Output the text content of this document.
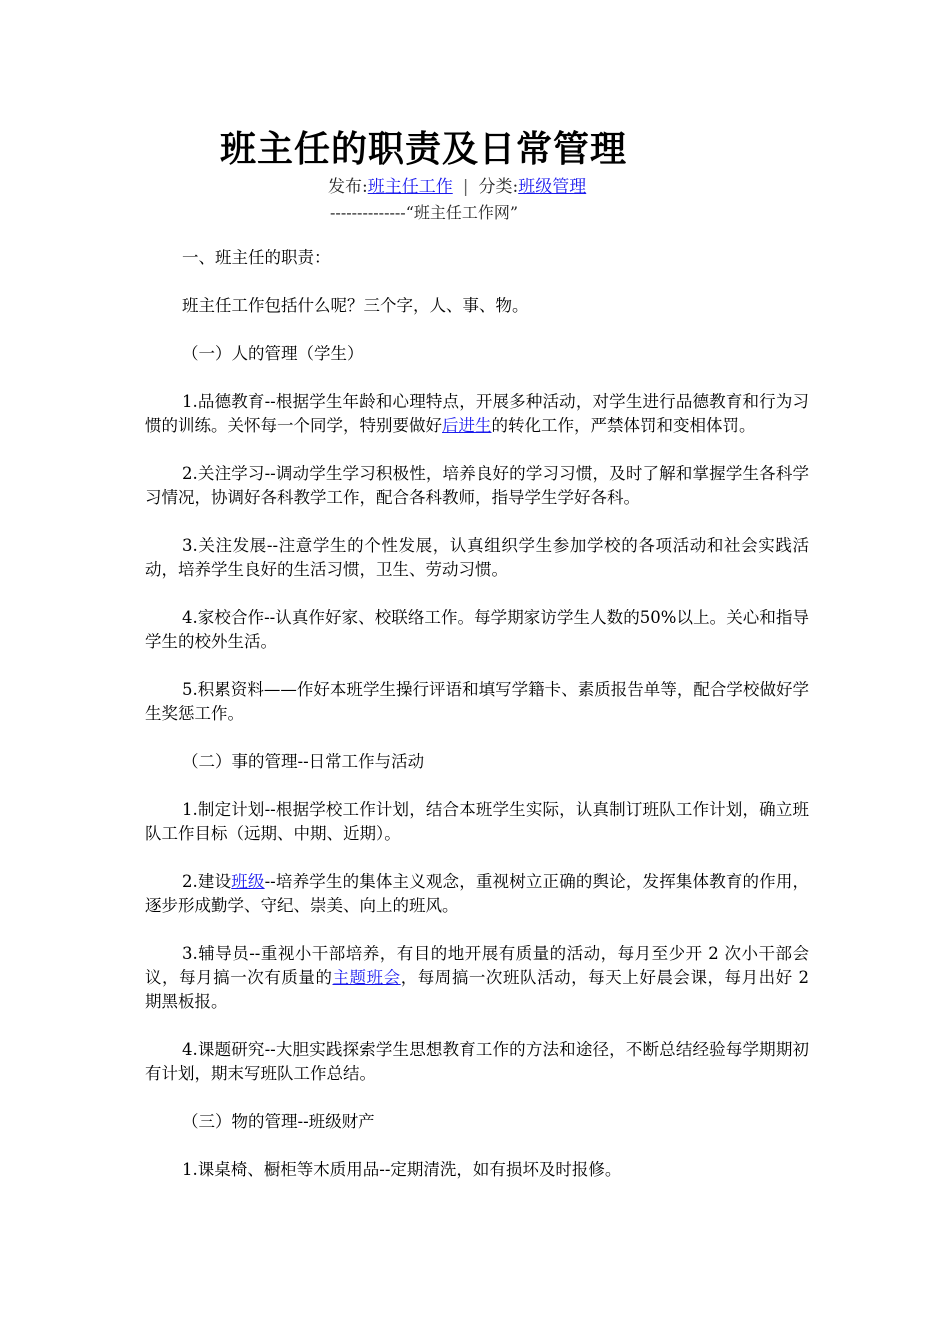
班主任的职责及日常管理
发布:班主任工作 | 分类:班级管理
--------------“班主任工作网”

一、班主任的职责：

班主任工作包括什么呢？三个字，人、事、物。

（一）人的管理（学生）

1.品德教育--根据学生年龄和心理特点，开展多种活动，对学生进行品德教育和行为习惯的训练。关怀每一个同学，特别要做好后进生的转化工作，严禁体罚和变相体罚。

2.关注学习--调动学生学习积极性，培养良好的学习习惯，及时了解和掌握学生各科学习情况，协调好各科教学工作，配合各科教师，指导学生学好各科。

3.关注发展--注意学生的个性发展，认真组织学生参加学校的各项活动和社会实践活动，培养学生良好的生活习惯，卫生、劳动习惯。

4.家校合作--认真作好家、校联络工作。每学期家访学生人数的50%以上。关心和指导学生的校外生活。

5.积累资料——作好本班学生操行评语和填写学籍卡、素质报告单等，配合学校做好学生奖惩工作。

（二）事的管理--日常工作与活动

1.制定计划--根据学校工作计划，结合本班学生实际，认真制订班队工作计划，确立班队工作目标（远期、中期、近期）。

2.建设班级--培养学生的集体主义观念，重视树立正确的舆论，发挥集体教育的作用，逐步形成勤学、守纪、崇美、向上的班风。

3.辅导员--重视小干部培养，有目的地开展有质量的活动，每月至少开 2 次小干部会议，每月搞一次有质量的主题班会，每周搞一次班队活动，每天上好晨会课，每月出好 2 期黑板报。

4.课题研究--大胆实践探索学生思想教育工作的方法和途径，不断总结经验每学期期初有计划，期末写班队工作总结。

（三）物的管理--班级财产

1.课桌椅、橱柜等木质用品--定期清洗，如有损坏及时报修。
